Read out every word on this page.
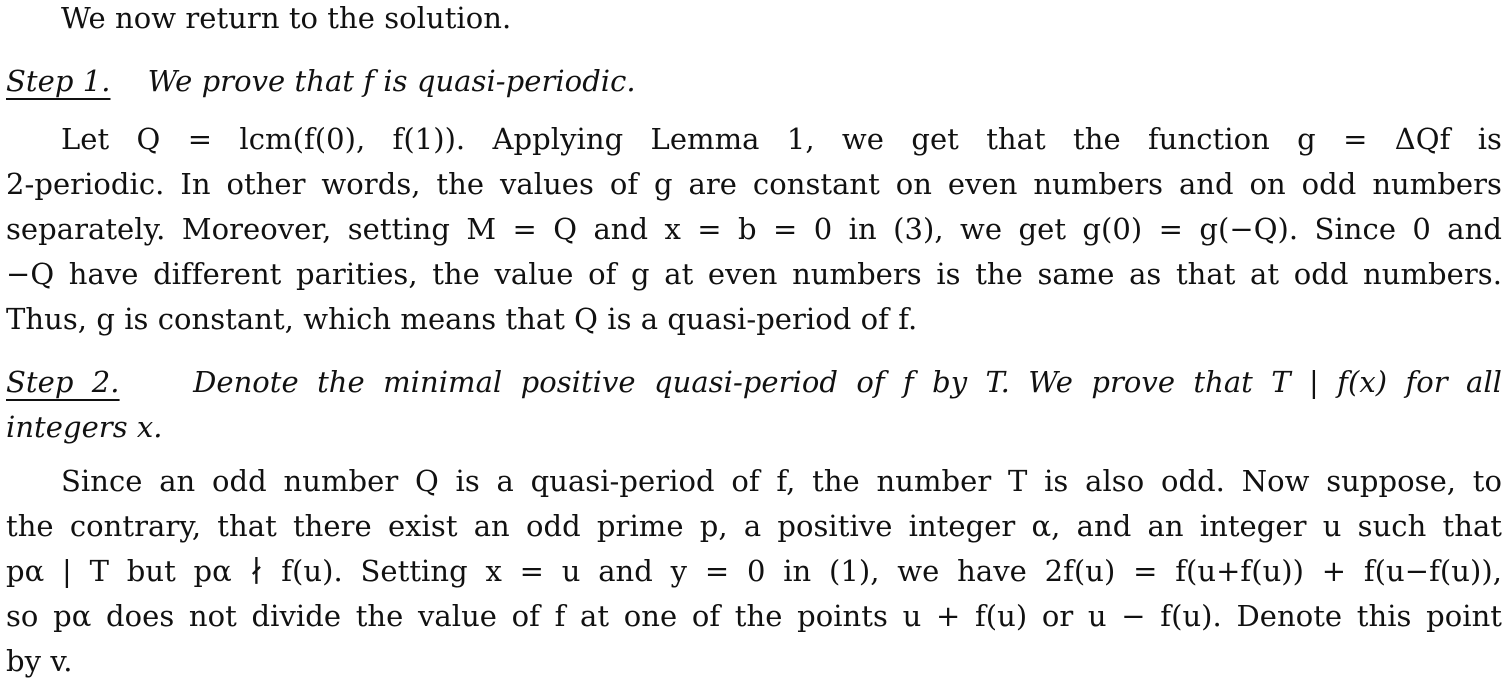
We now return to the solution.
Step 1. We prove that f is quasi-periodic.
Let Q = lcm(f(0), f(1)). Applying Lemma 1, we get that the function g = ΔQf is
2-periodic. In other words, the values of g are constant on even numbers and on odd numbers
separately. Moreover, setting M = Q and x = b = 0 in (3), we get g(0) = g(−Q). Since 0 and
−Q have different parities, the value of g at even numbers is the same as that at odd numbers.
Thus, g is constant, which means that Q is a quasi-period of f.
Step 2.	Denote the minimal positive quasi-period of f by T. We prove that T | f(x) for all
integers x.
Since an odd number Q is a quasi-period of f, the number T is also odd. Now suppose, to
the contrary, that there exist an odd prime p, a positive integer α, and an integer u such that
pα | T but pα ∤ f(u). Setting x = u and y = 0 in (1), we have 2f(u) = f(u+f(u)) + f(u−f(u)),
so pα does not divide the value of f at one of the points u + f(u) or u − f(u). Denote this point
by v.
